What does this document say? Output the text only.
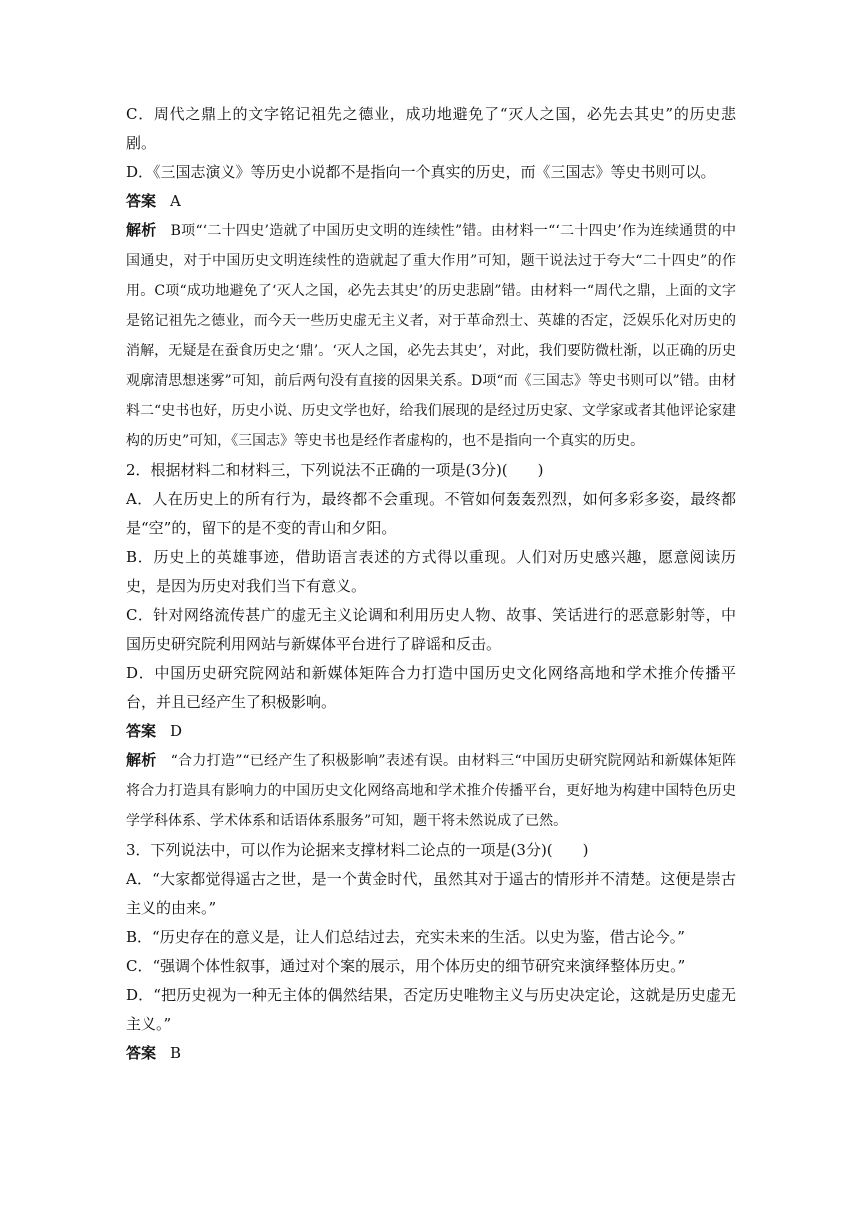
C．周代之鼎上的文字铭记祖先之德业，成功地避免了“灭人之国，必先去其史”的历史悲剧。

D．《三国志演义》等历史小说都不是指向一个真实的历史，而《三国志》等史书则可以。

答案 A

解析 B项“‘二十四史’造就了中国历史文明的连续性”错。由材料一“‘二十四史’作为连续通贯的中国通史，对于中国历史文明连续性的造就起了重大作用”可知，题干说法过于夸大“二十四史”的作用。C项“成功地避免了‘灭人之国，必先去其史’的历史悲剧”错。由材料一“周代之鼎，上面的文字是铭记祖先之德业，而今天一些历史虚无主义者，对于革命烈士、英雄的否定，泛娱乐化对历史的消解，无疑是在蚕食历史之‘鼎’。‘灭人之国，必先去其史’，对此，我们要防微杜渐，以正确的历史观廓清思想迷雾”可知，前后两句没有直接的因果关系。D项“而《三国志》等史书则可以”错。由材料二“史书也好，历史小说、历史文学也好，给我们展现的是经过历史家、文学家或者其他评论家建构的历史”可知，《三国志》等史书也是经作者虚构的，也不是指向一个真实的历史。

2．根据材料二和材料三，下列说法不正确的一项是(3分)(　　)

A．人在历史上的所有行为，最终都不会重现。不管如何轰轰烈烈，如何多彩多姿，最终都是“空”的，留下的是不变的青山和夕阳。

B．历史上的英雄事迹，借助语言表述的方式得以重现。人们对历史感兴趣，愿意阅读历史，是因为历史对我们当下有意义。

C．针对网络流传甚广的虚无主义论调和利用历史人物、故事、笑话进行的恶意影射等，中国历史研究院利用网站与新媒体平台进行了辟谣和反击。

D．中国历史研究院网站和新媒体矩阵合力打造中国历史文化网络高地和学术推介传播平台，并且已经产生了积极影响。

答案 D

解析 “合力打造”“已经产生了积极影响”表述有误。由材料三“中国历史研究院网站和新媒体矩阵将合力打造具有影响力的中国历史文化网络高地和学术推介传播平台，更好地为构建中国特色历史学学科体系、学术体系和话语体系服务”可知，题干将未然说成了已然。

3．下列说法中，可以作为论据来支撑材料二论点的一项是(3分)(　　)

A．“大家都觉得遥古之世，是一个黄金时代，虽然其对于遥古的情形并不清楚。这便是崇古主义的由来。”

B．“历史存在的意义是，让人们总结过去，充实未来的生活。以史为鉴，借古论今。”

C．“强调个体性叙事，通过对个案的展示，用个体历史的细节研究来演绎整体历史。”

D．“把历史视为一种无主体的偶然结果，否定历史唯物主义与历史决定论，这就是历史虚无主义。”

答案 B
